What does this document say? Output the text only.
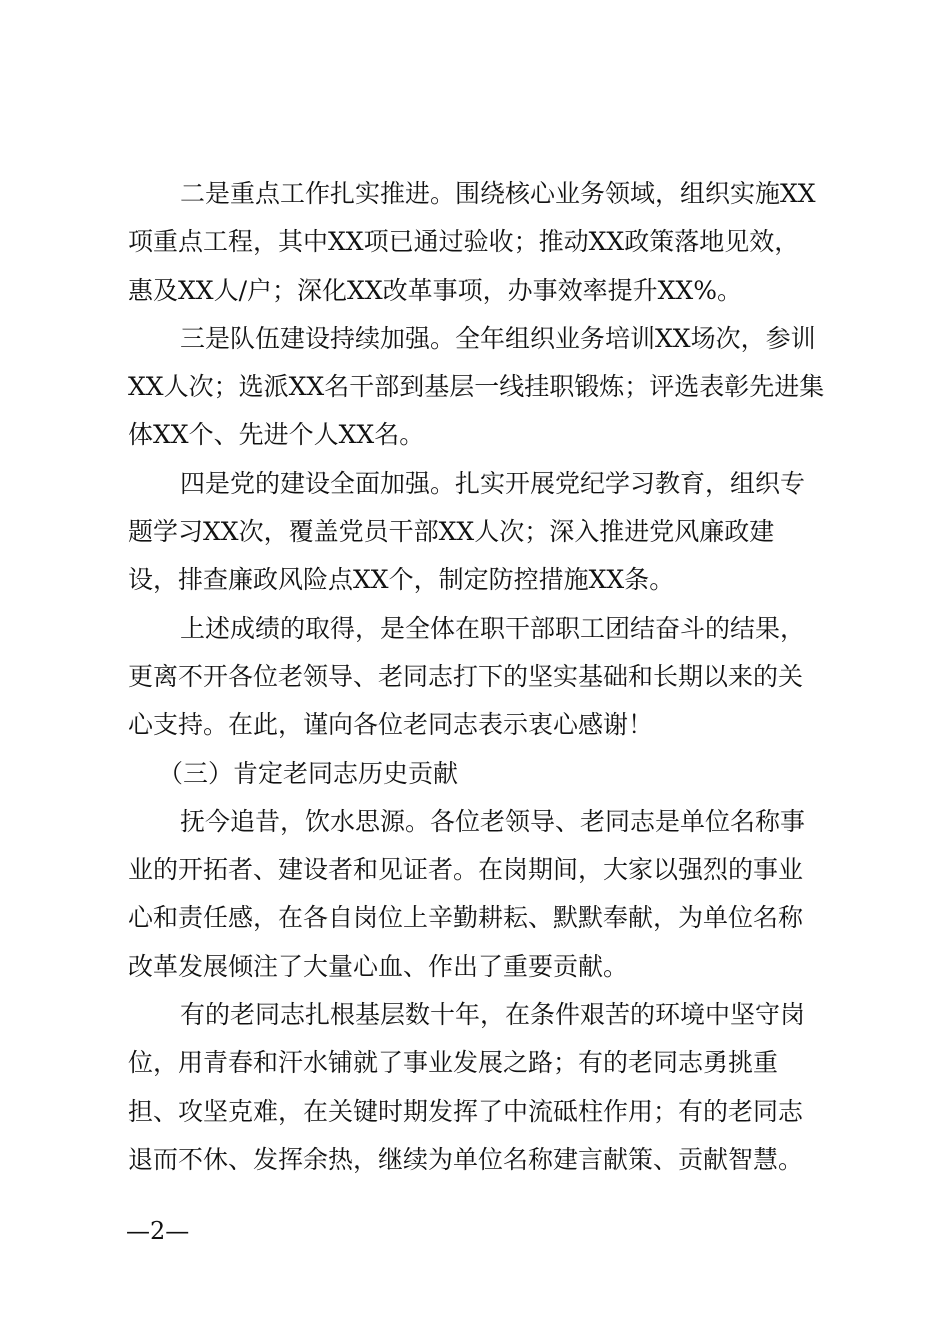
二是重点工作扎实推进。围绕核心业务领域，组织实施XX
项重点工程，其中XX项已通过验收；推动XX政策落地见效，
惠及XX人/户；深化XX改革事项，办事效率提升XX%。
三是队伍建设持续加强。全年组织业务培训XX场次，参训
XX人次；选派XX名干部到基层一线挂职锻炼；评选表彰先进集
体XX个、先进个人XX名。
四是党的建设全面加强。扎实开展党纪学习教育，组织专
题学习XX次，覆盖党员干部XX人次；深入推进党风廉政建
设，排查廉政风险点XX个，制定防控措施XX条。
上述成绩的取得，是全体在职干部职工团结奋斗的结果，
更离不开各位老领导、老同志打下的坚实基础和长期以来的关
心支持。在此，谨向各位老同志表示衷心感谢！
（三）肯定老同志历史贡献
抚今追昔，饮水思源。各位老领导、老同志是单位名称事
业的开拓者、建设者和见证者。在岗期间，大家以强烈的事业
心和责任感，在各自岗位上辛勤耕耘、默默奉献，为单位名称
改革发展倾注了大量心血、作出了重要贡献。
有的老同志扎根基层数十年，在条件艰苦的环境中坚守岗
位，用青春和汗水铺就了事业发展之路；有的老同志勇挑重
担、攻坚克难，在关键时期发挥了中流砥柱作用；有的老同志
退而不休、发挥余热，继续为单位名称建言献策、贡献智慧。
—2—
